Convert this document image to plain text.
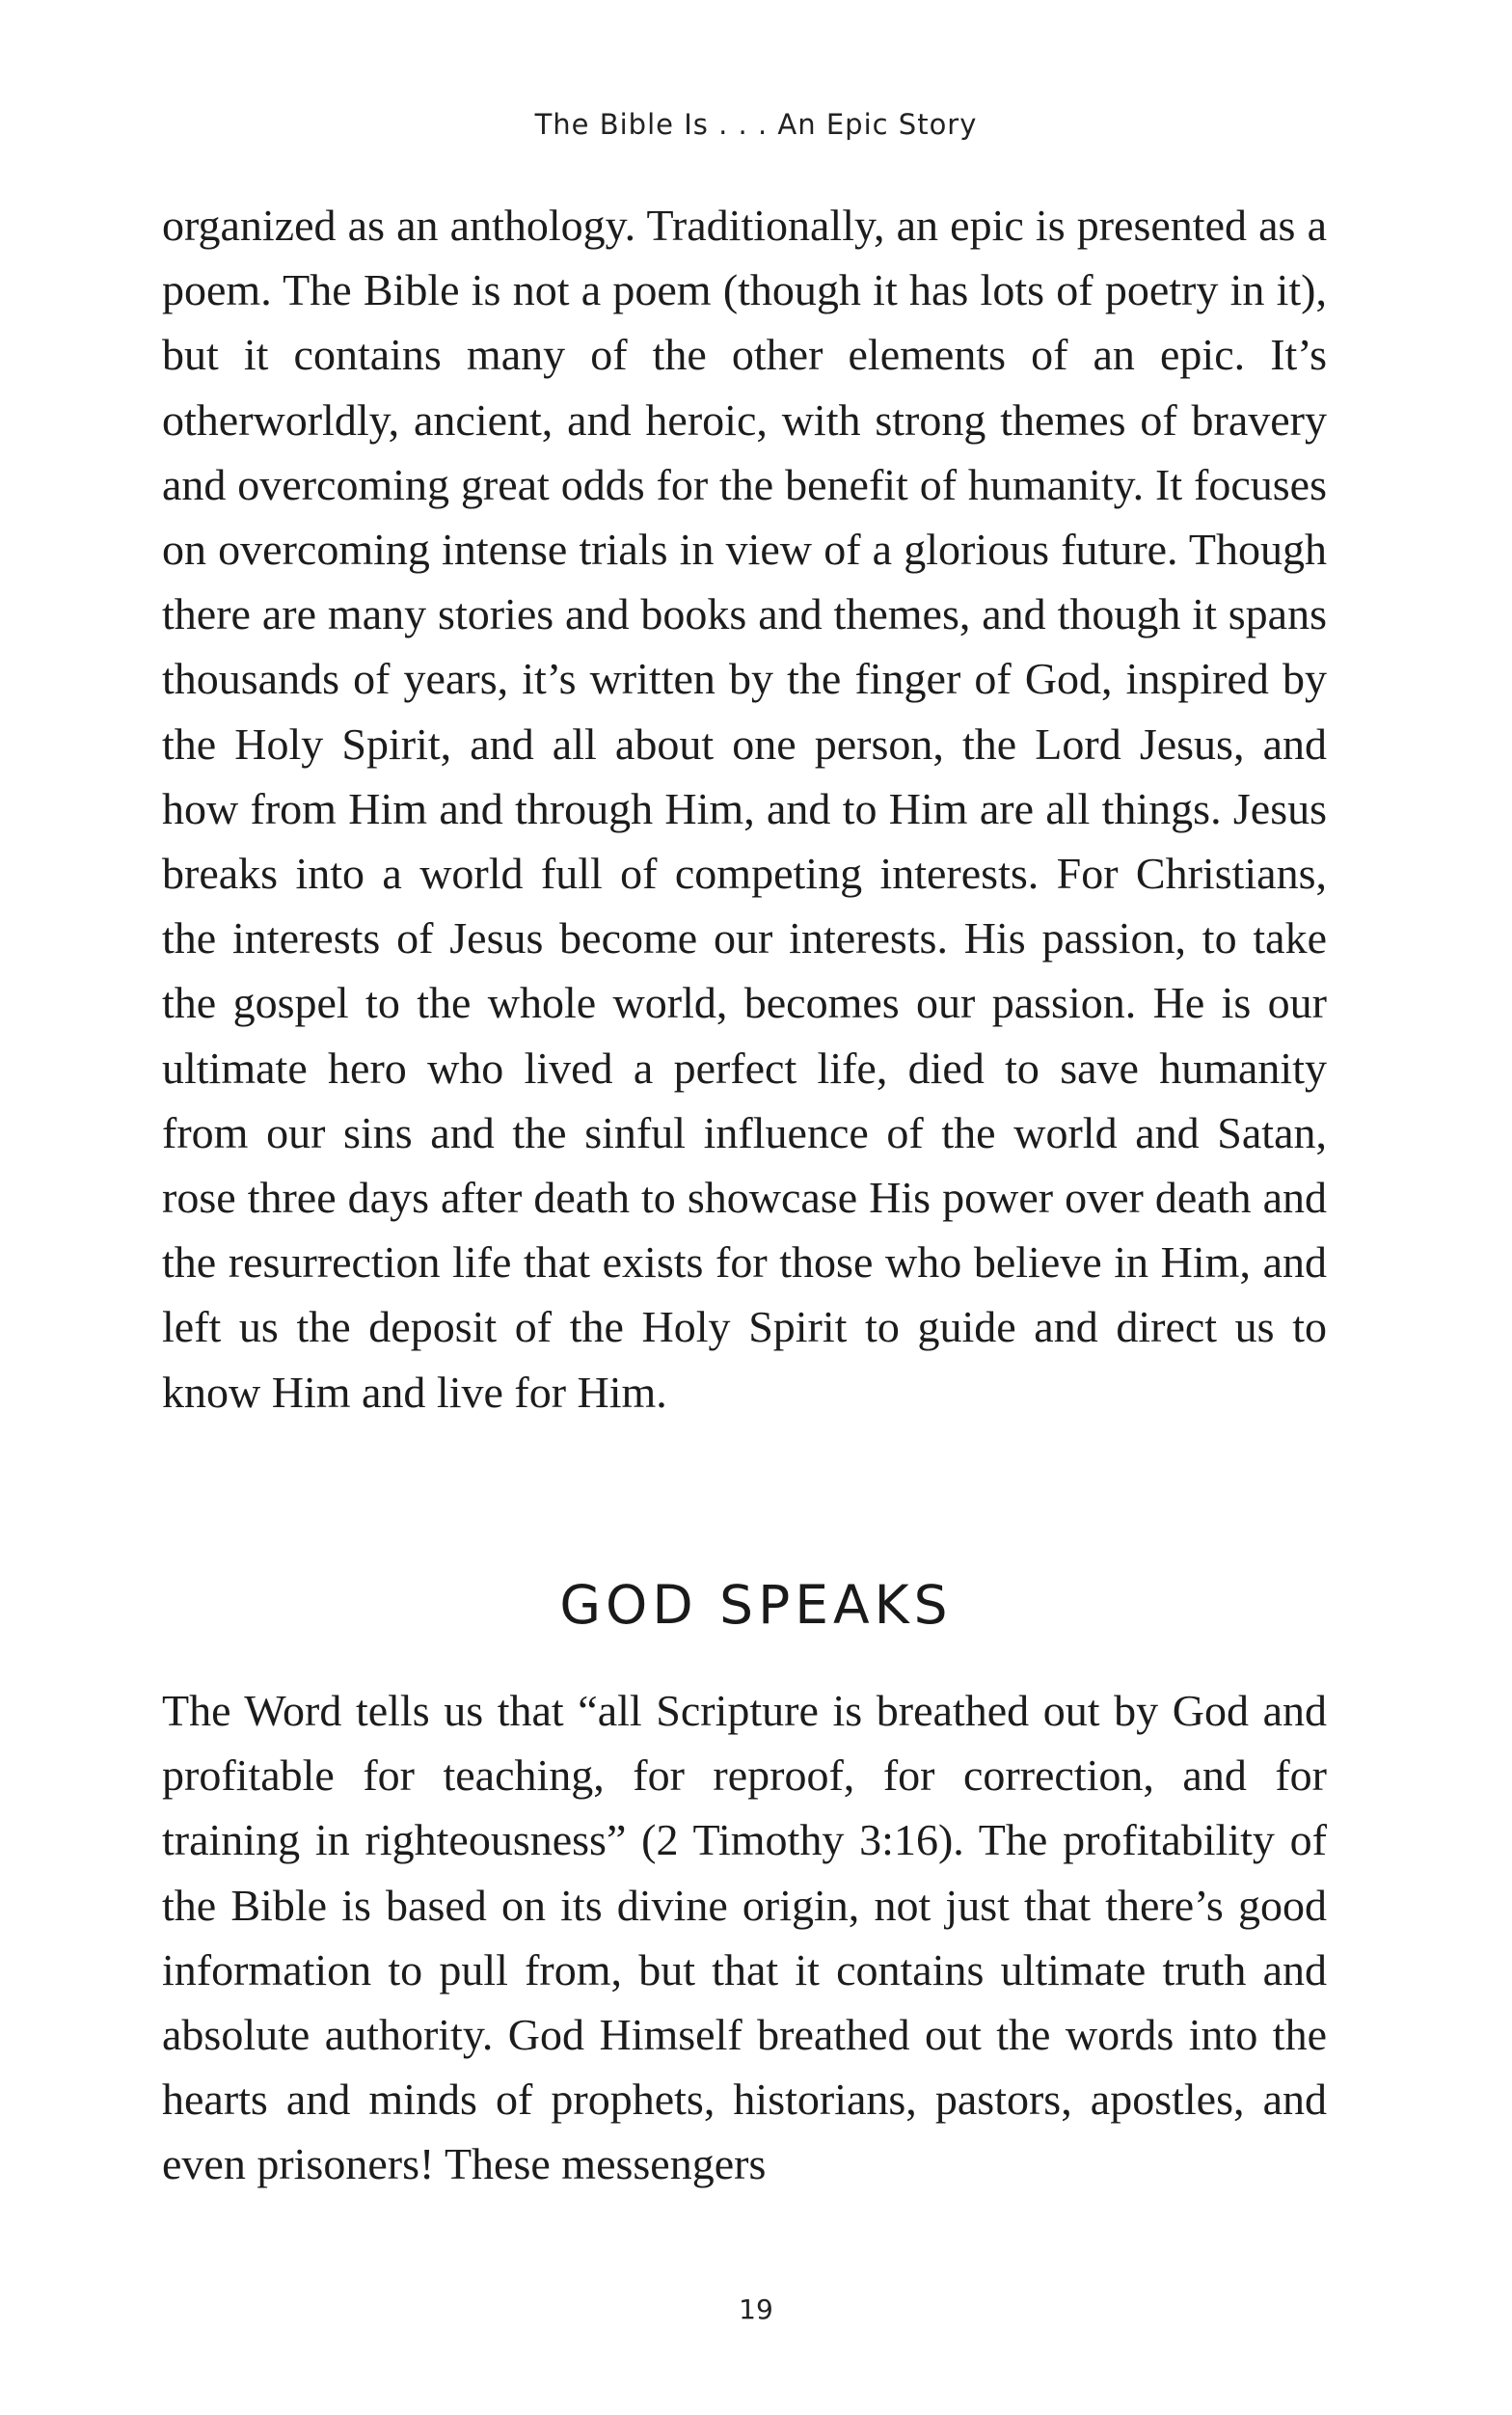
The Bible Is . . . An Epic Story

organized as an anthology. Traditionally, an epic is presented as a poem. The Bible is not a poem (though it has lots of poetry in it), but it contains many of the other elements of an epic. It’s otherworldly, ancient, and heroic, with strong themes of bravery and overcoming great odds for the benefit of humanity. It focuses on overcoming intense trials in view of a glorious future. Though there are many stories and books and themes, and though it spans thousands of years, it’s written by the finger of God, inspired by the Holy Spirit, and all about one person, the Lord Jesus, and how from Him and through Him, and to Him are all things. Jesus breaks into a world full of competing interests. For Christians, the interests of Jesus become our interests. His passion, to take the gospel to the whole world, becomes our passion. He is our ultimate hero who lived a perfect life, died to save humanity from our sins and the sinful influence of the world and Satan, rose three days after death to showcase His power over death and the resurrection life that exists for those who believe in Him, and left us the deposit of the Holy Spirit to guide and direct us to know Him and live for Him.

GOD SPEAKS

The Word tells us that “all Scripture is breathed out by God and profitable for teaching, for reproof, for correction, and for training in righteousness” (2 Timothy 3:16). The profitability of the Bible is based on its divine origin, not just that there’s good information to pull from, but that it contains ultimate truth and absolute authority. God Himself breathed out the words into the hearts and minds of prophets, historians, pastors, apostles, and even prisoners! These messengers

19
